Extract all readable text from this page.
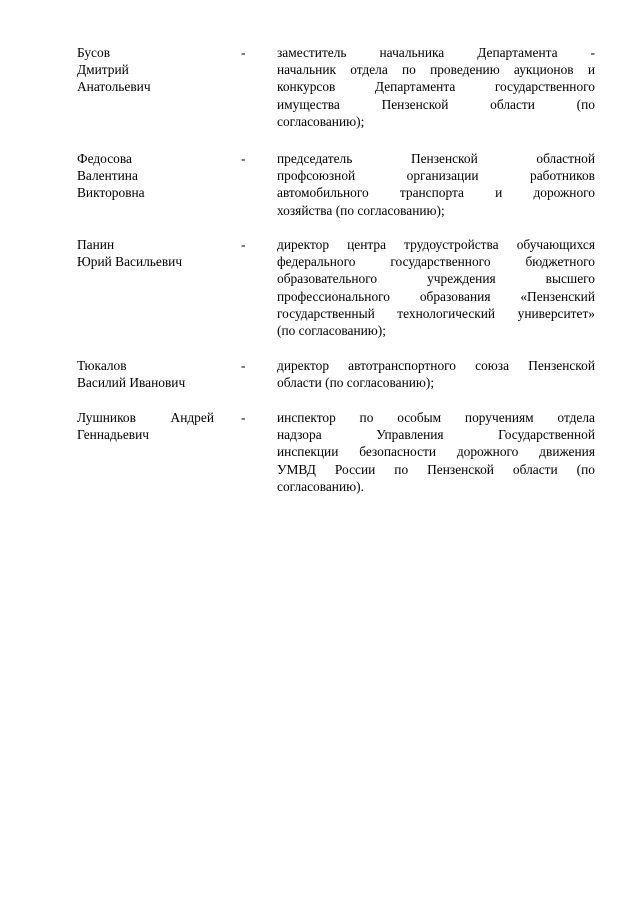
Бусов
Дмитрий
Анатольевич
-	заместитель начальника Департамента -
начальник отдела по проведению аукционов и
конкурсов Департамента государственного
имущества Пензенской области (по
согласованию);
Федосова
Валентина
Викторовна
-	председатель Пензенской областной
профсоюзной организации работников
автомобильного транспорта и дорожного
хозяйства (по согласованию);
Панин
Юрий Васильевич
-	директор центра трудоустройства обучающихся
федерального государственного бюджетного
образовательного учреждения высшего
профессионального образования «Пензенский
государственный технологический университет»
(по согласованию);
Тюкалов
Василий Иванович
-	директор автотранспортного союза Пензенской
области (по согласованию);
Лушников	Андрей
Геннадьевич
-	инспектор по особым поручениям отдела
надзора Управления Государственной
инспекции безопасности дорожного движения
УМВД России по Пензенской области (по
согласованию).
